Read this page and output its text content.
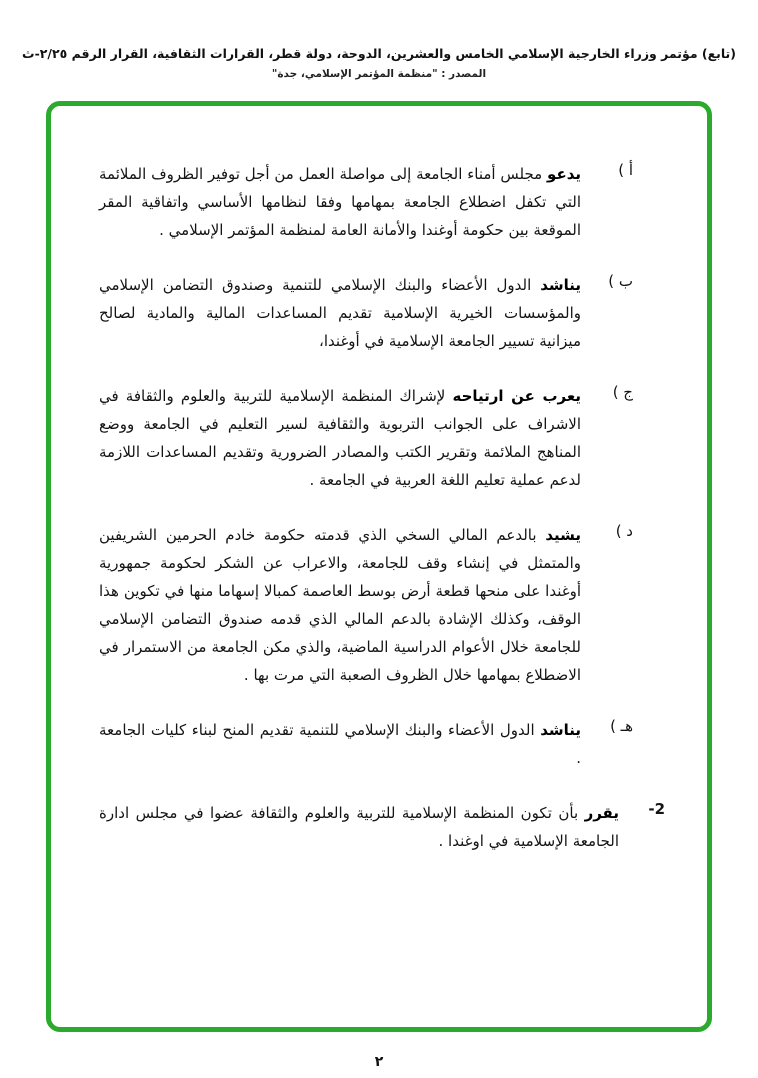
(تابع) مؤتمر وزراء الخارجية الإسلامي الخامس والعشرين، الدوحة، دولة قطر، القرارات الثقافية، القرار الرقم ٢/٢٥-ث
المصدر : "منظمة المؤتمر الإسلامي، جدة"
أ )
يدعو مجلس أمناء الجامعة إلى مواصلة العمل من أجل توفير الظروف الملائمة التي تكفل اضطلاع الجامعة بمهامها وفقا لنظامها الأساسي واتفاقية المقر الموقعة بين حكومة أوغندا والأمانة العامة لمنظمة المؤتمر الإسلامي .
ب )
يناشد الدول الأعضاء والبنك الإسلامي للتنمية وصندوق التضامن الإسلامي والمؤسسات الخيرية الإسلامية تقديم المساعدات المالية والمادية لصالح ميزانية تسيير الجامعة الإسلامية في أوغندا،
ج )
يعرب عن ارتياحه لإشراك المنظمة الإسلامية للتربية والعلوم والثقافة في الاشراف على الجوانب التربوية والثقافية لسير التعليم في الجامعة ووضع المناهج الملائمة وتقرير الكتب والمصادر الضرورية وتقديم المساعدات اللازمة لدعم عملية تعليم اللغة العربية في الجامعة .
د )
يشيد بالدعم المالي السخي الذي قدمته حكومة خادم الحرمين الشريفين والمتمثل في إنشاء وقف للجامعة، والاعراب عن الشكر لحكومة جمهورية أوغندا على منحها قطعة أرض بوسط العاصمة كمبالا إسهاما منها في تكوين هذا الوقف، وكذلك الإشادة بالدعم المالي الذي قدمه صندوق التضامن الإسلامي للجامعة خلال الأعوام الدراسية الماضية، والذي مكن الجامعة من الاستمرار في الاضطلاع بمهامها خلال الظروف الصعبة التي مرت بها .
هـ )
يناشد الدول الأعضاء والبنك الإسلامي للتنمية تقديم المنح لبناء كليات الجامعة .
2-
يقرر بأن تكون المنظمة الإسلامية للتربية والعلوم والثقافة عضوا في مجلس ادارة الجامعة الإسلامية في اوغندا .
٢
